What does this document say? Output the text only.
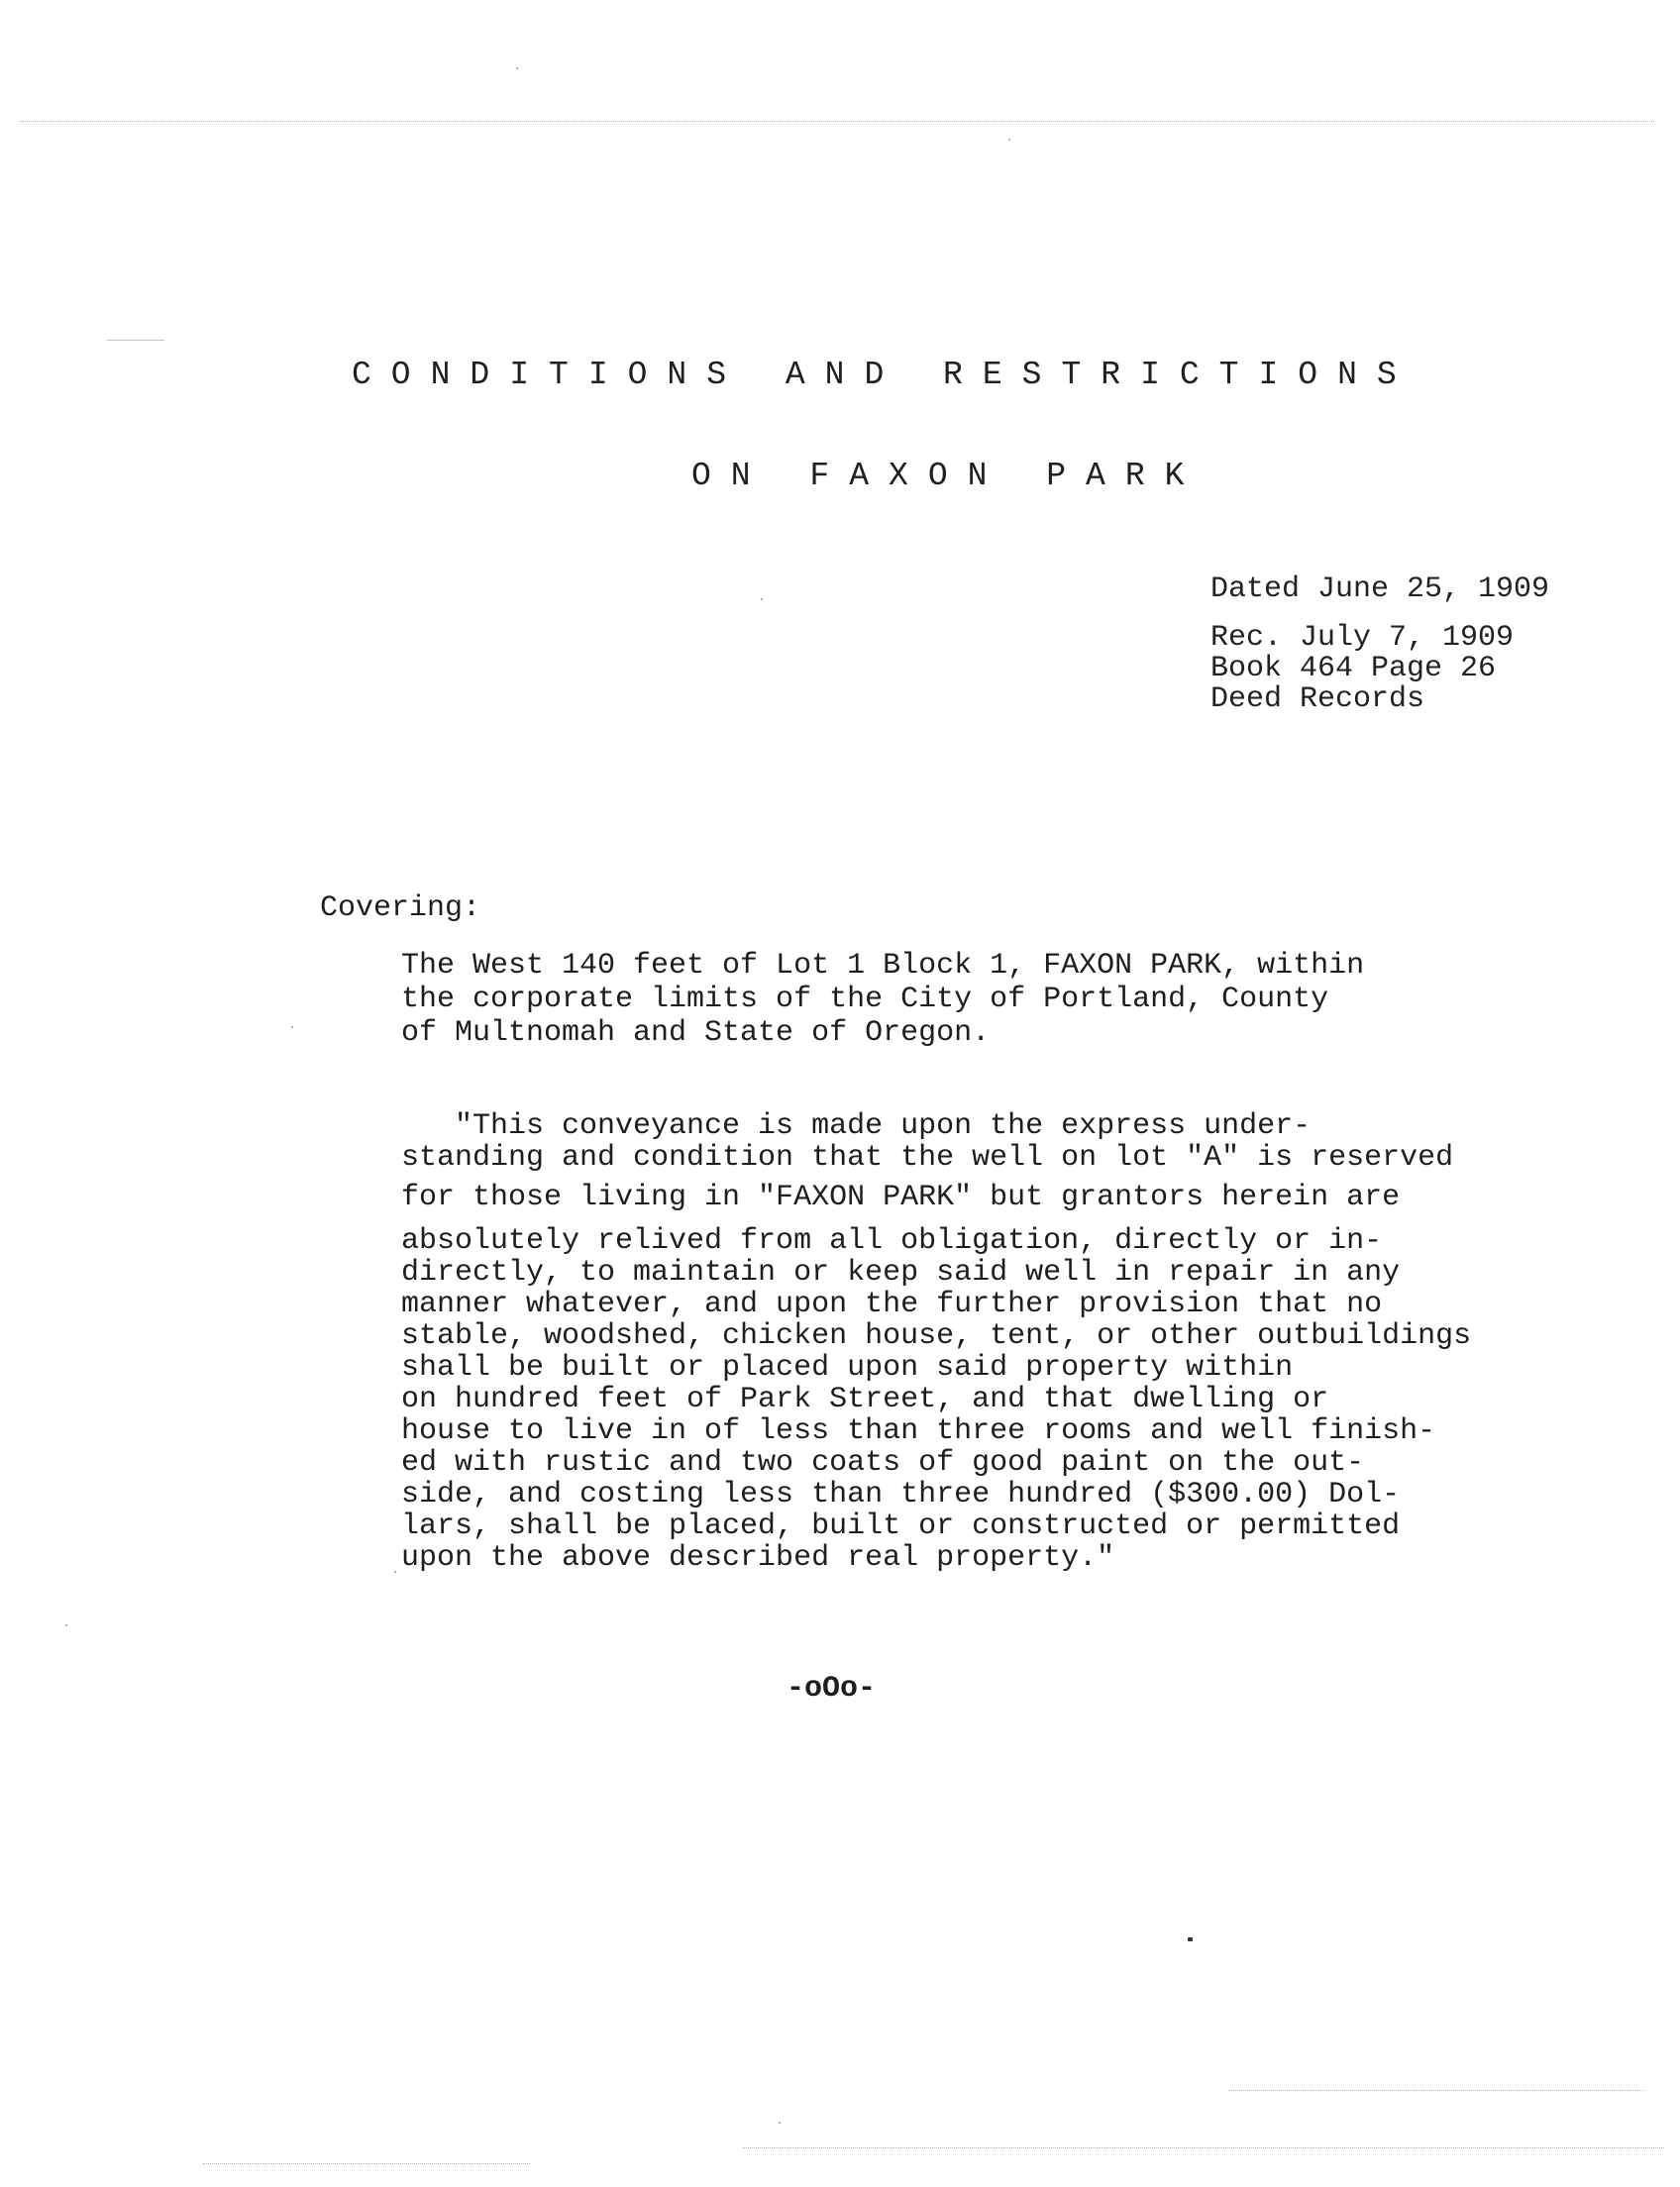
CONDITIONS AND RESTRICTIONS
ON FAXON PARK
Dated June 25, 1909
Rec. July 7, 1909
Book 464 Page 26
Deed Records
Covering:
The West 140 feet of Lot 1 Block 1, FAXON PARK, within
the corporate limits of the City of Portland, County
of Multnomah and State of Oregon.
"This conveyance is made upon the express under-
standing and condition that the well on lot "A" is reserved
for those living in "FAXON PARK" but grantors herein are
absolutely relived from all obligation, directly or in-
directly, to maintain or keep said well in repair in any
manner whatever, and upon the further provision that no
stable, woodshed, chicken house, tent, or other outbuildings
shall be built or placed upon said property within
on hundred feet of Park Street, and that dwelling or
house to live in of less than three rooms and well finish-
ed with rustic and two coats of good paint on the out-
side, and costing less than three hundred ($300.00) Dol-
lars, shall be placed, built or constructed or permitted
upon the above described real property."
-oOo-
